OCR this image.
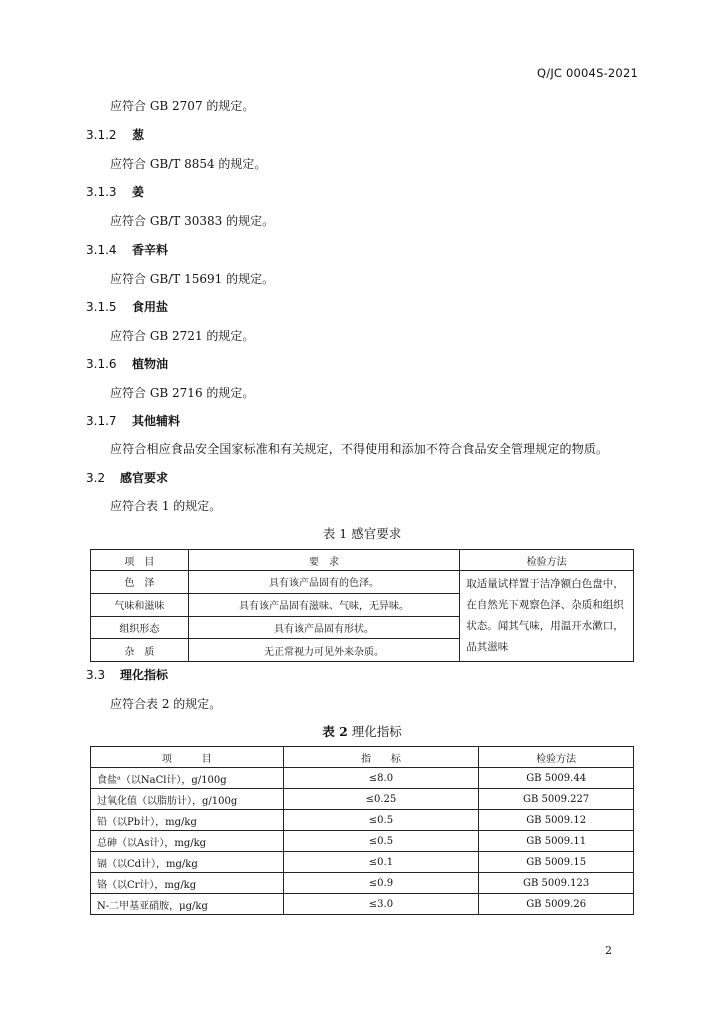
Q/JC 0004S-2021
应符合 GB 2707 的规定。
3.1.2 葱
应符合 GB/T 8854 的规定。
3.1.3 姜
应符合 GB/T 30383 的规定。
3.1.4 香辛料
应符合 GB/T 15691 的规定。
3.1.5 食用盐
应符合 GB 2721 的规定。
3.1.6 植物油
应符合 GB 2716 的规定。
3.1.7 其他辅料
应符合相应食品安全国家标准和有关规定，不得使用和添加不符合食品安全管理规定的物质。
3.2 感官要求
应符合表 1 的规定。
表 1 感官要求
项　目	要　求	检验方法
色　泽	具有该产品固有的色泽。	取适量试样置于洁净额白色盘中，在自然光下观察色泽、杂质和组织状态。闻其气味，用温开水漱口，品其滋味
气味和滋味	具有该产品固有滋味、气味，无异味。	
组织形态	具有该产品固有形状。	
杂　质	无正常视力可见外来杂质。	
3.3 理化指标
应符合表 2 的规定。
表 2 理化指标
项　　　目	指　　标	检验方法
食盐ᵃ（以NaCl计），g/100g	≤8.0	GB 5009.44
过氧化值（以脂肪计），g/100g	≤0.25	GB 5009.227
铅（以Pb计），mg/kg	≤0.5	GB 5009.12
总砷（以As计），mg/kg	≤0.5	GB 5009.11
镉（以Cd计），mg/kg	≤0.1	GB 5009.15
铬（以Cr计），mg/kg	≤0.9	GB 5009.123
N-二甲基亚硝胺，μg/kg	≤3.0	GB 5009.26
2
